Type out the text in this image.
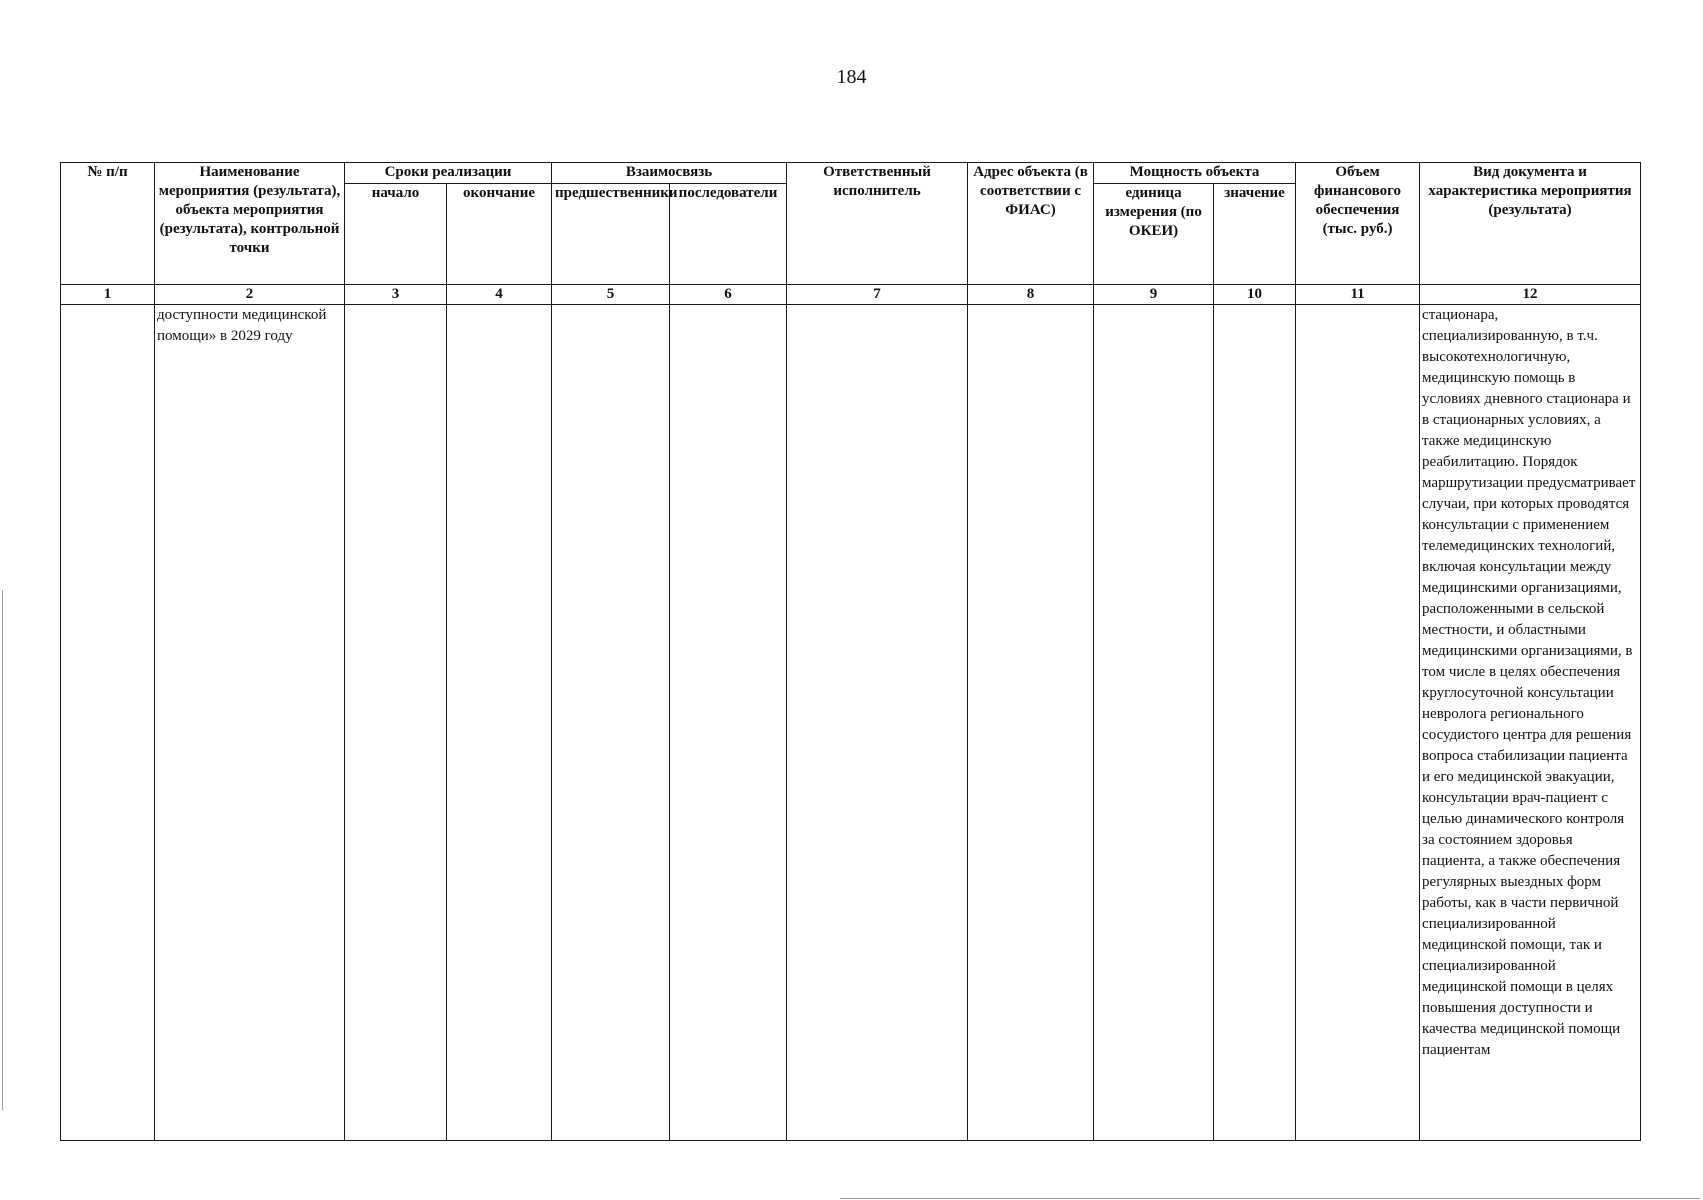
184
№ п/п	Наименование мероприятия (результата), объекта мероприятия (результата), контрольной точки	Сроки реализации		Взаимосвязь		Ответственный исполнитель	Адрес объекта (в соответствии с ФИАС)	Мощность объекта		Объем финансового обеспечения (тыс. руб.)	Вид документа и характеристика мероприятия (результата)
		начало	окончание	предшественники	последователи			единица измерения (по ОКЕИ)	значение		
1	2	3	4	5	6	7	8	9	10	11	12
	доступности медицинской помощи» в 2029 году										стационара, специализированную, в т.ч. высокотехнологичную, медицинскую помощь в условиях дневного стационара и в стационарных условиях, а также медицинскую реабилитацию. Порядок маршрутизации предусматривает случаи, при которых проводятся консультации с применением телемедицинских технологий, включая консультации между медицинскими организациями, расположенными в сельской местности, и областными медицинскими организациями, в том числе в целях обеспечения круглосуточной консультации невролога регионального сосудистого центра для решения вопроса стабилизации пациента и его медицинской эвакуации, консультации врач-пациент с целью динамического контроля за состоянием здоровья пациента, а также обеспечения регулярных выездных форм работы, как в части первичной специализированной медицинской помощи, так и специализированной медицинской помощи в целях повышения доступности и качества медицинской помощи пациентам
